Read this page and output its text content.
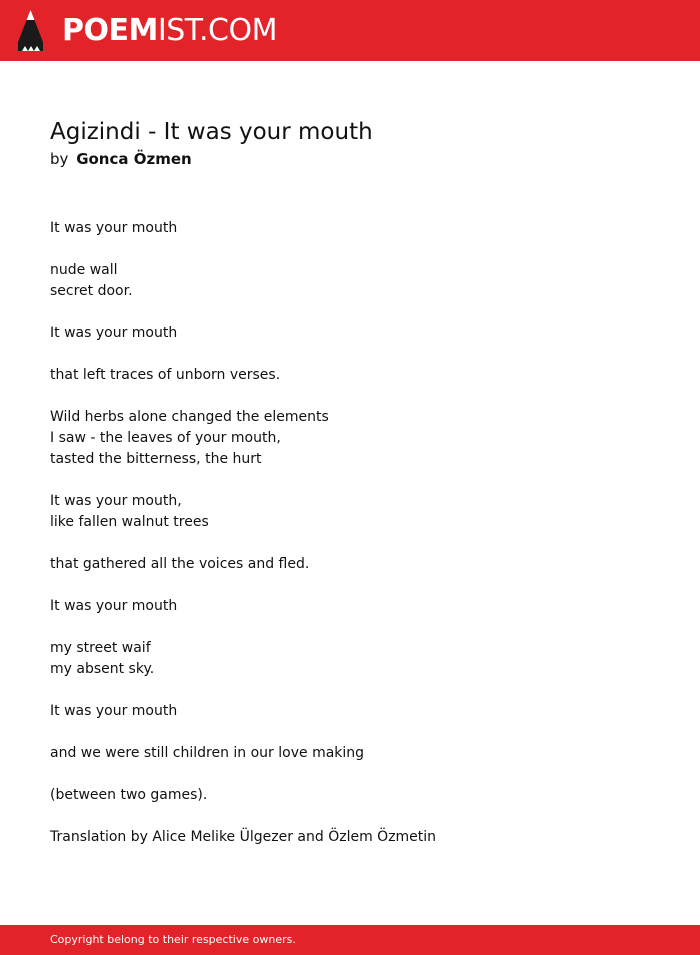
POEMIST.COM
Agizindi - It was your mouth
by Gonca Özmen
It was your mouth
nude wall
secret door.
It was your mouth
that left traces of unborn verses.
Wild herbs alone changed the elements
I saw - the leaves of your mouth,
tasted the bitterness, the hurt
It was your mouth,
like fallen walnut trees
that gathered all the voices and fled.
It was your mouth
my street waif
my absent sky.
It was your mouth
and we were still children in our love making
(between two games).
Translation by Alice Melike Ülgezer and Özlem Özmetin
Copyright belong to their respective owners.
